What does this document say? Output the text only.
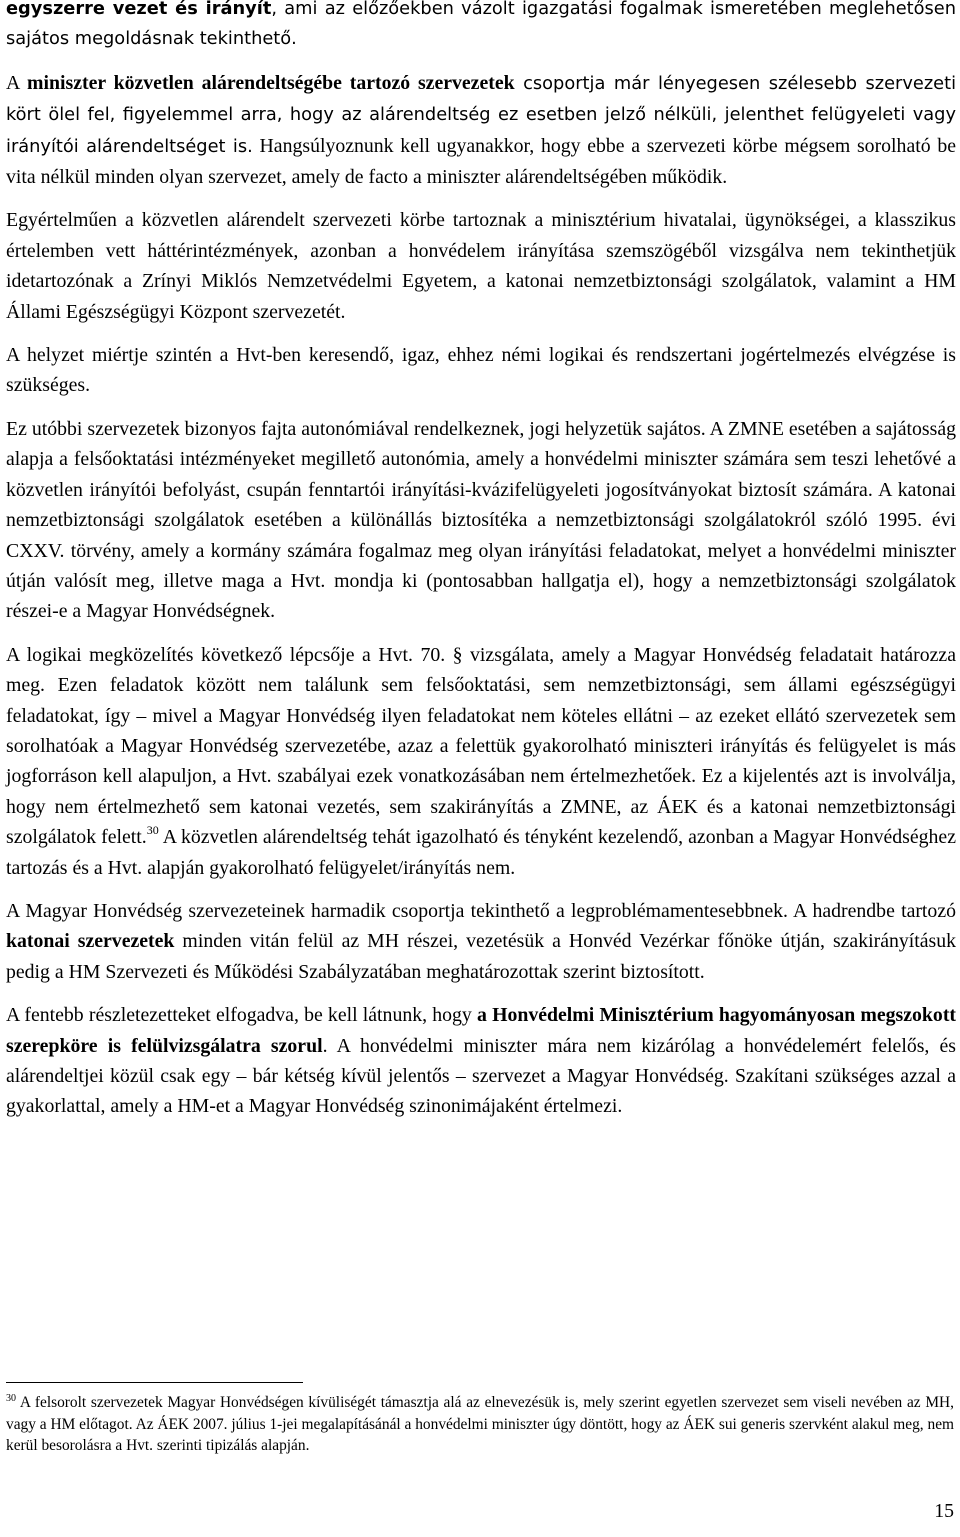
egyszerre vezet és irányít, ami az előzőekben vázolt igazgatási fogalmak ismeretében meglehetősen sajátos megoldásnak tekinthető.

A miniszter közvetlen alárendeltségébe tartozó szervezetek csoportja már lényegesen szélesebb szervezeti kört ölel fel, figyelemmel arra, hogy az alárendeltség ez esetben jelző nélküli, jelenthet felügyeleti vagy irányítói alárendeltséget is. Hangsúlyoznunk kell ugyanakkor, hogy ebbe a szervezeti körbe mégsem sorolható be vita nélkül minden olyan szervezet, amely de facto a miniszter alárendeltségében működik.

Egyértelműen a közvetlen alárendelt szervezeti körbe tartoznak a minisztérium hivatalai, ügynökségei, a klasszikus értelemben vett háttérintézmények, azonban a honvédelem irányítása szemszögéből vizsgálva nem tekinthetjük idetartozónak a Zrínyi Miklós Nemzetvédelmi Egyetem, a katonai nemzetbiztonsági szolgálatok, valamint a HM Állami Egészségügyi Központ szervezetét.

A helyzet miértje szintén a Hvt-ben keresendő, igaz, ehhez némi logikai és rendszertani jogértelmezés elvégzése is szükséges.

Ez utóbbi szervezetek bizonyos fajta autonómiával rendelkeznek, jogi helyzetük sajátos. A ZMNE esetében a sajátosság alapja a felsőoktatási intézményeket megillető autonómia, amely a honvédelmi miniszter számára sem teszi lehetővé a közvetlen irányítói befolyást, csupán fenntartói irányítási-kvázifelügyeleti jogosítványokat biztosít számára. A katonai nemzetbiztonsági szolgálatok esetében a különállás biztosítéka a nemzetbiztonsági szolgálatokról szóló 1995. évi CXXV. törvény, amely a kormány számára fogalmaz meg olyan irányítási feladatokat, melyet a honvédelmi miniszter útján valósít meg, illetve maga a Hvt. mondja ki (pontosabban hallgatja el), hogy a nemzetbiztonsági szolgálatok részei-e a Magyar Honvédségnek.

A logikai megközelítés következő lépcsője a Hvt. 70. § vizsgálata, amely a Magyar Honvédség feladatait határozza meg. Ezen feladatok között nem találunk sem felsőoktatási, sem nemzetbiztonsági, sem állami egészségügyi feladatokat, így – mivel a Magyar Honvédség ilyen feladatokat nem köteles ellátni – az ezeket ellátó szervezetek sem sorolhatóak a Magyar Honvédség szervezetébe, azaz a felettük gyakorolható miniszteri irányítás és felügyelet is más jogforráson kell alapuljon, a Hvt. szabályai ezek vonatkozásában nem értelmezhetőek. Ez a kijelentés azt is involválja, hogy nem értelmezhető sem katonai vezetés, sem szakirányítás a ZMNE, az ÁEK és a katonai nemzetbiztonsági szolgálatok felett.$^{30}$ A közvetlen alárendeltség tehát igazolható és tényként kezelendő, azonban a Magyar Honvédséghez tartozás és a Hvt. alapján gyakorolható felügyelet/irányítás nem.

A Magyar Honvédség szervezeteinek harmadik csoportja tekinthető a legproblémamentesebbnek. A hadrendbe tartozó katonai szervezetek minden vitán felül az MH részei, vezetésük a Honvéd Vezérkar főnöke útján, szakirányításuk pedig a HM Szervezeti és Működési Szabályzatában meghatározottak szerint biztosított.

A fentebb részletezetteket elfogadva, be kell látnunk, hogy a Honvédelmi Minisztérium hagyományosan megszokott szerepköre is felülvizsgálatra szorul. A honvédelmi miniszter mára nem kizárólag a honvédelemért felelős, és alárendeltjei közül csak egy – bár kétség kívül jelentős – szervezet a Magyar Honvédség. Szakítani szükséges azzal a gyakorlattal, amely a HM-et a Magyar Honvédség szinonimájaként értelmezi.

$^{30}$ A felsorolt szervezetek Magyar Honvédségen kívüliségét támasztja alá az elnevezésük is, mely szerint egyetlen szervezet sem viseli nevében az MH, vagy a HM előtagot. Az ÁEK 2007. július 1-jei megalapításánál a honvédelmi miniszter úgy döntött, hogy az ÁEK sui generis szervként alakul meg, nem kerül besorolásra a Hvt. szerinti tipizálás alapján.
15
